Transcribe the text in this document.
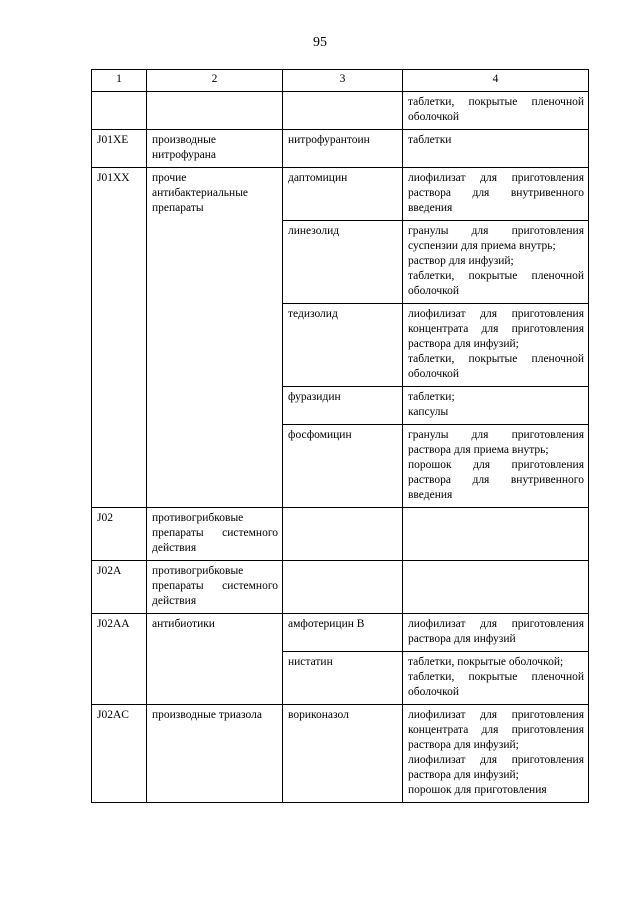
95
1	2	3	4

			таблетки, покрытые пленочной оболочкой

J01XE	производные нитрофурана	нитрофурантоин	таблетки

J01XX	прочие антибактериальные препараты	даптомицин	лиофилизат для приготовления раствора для внутривенного введения

		линезолид	гранулы для приготовления суспензии для приема внутрь;
раствор для инфузий;
таблетки, покрытые пленочной оболочкой

		тедизолид	лиофилизат для приготовления концентрата для приготовления раствора для инфузий;
таблетки, покрытые пленочной оболочкой

		фуразидин	таблетки;
капсулы

		фосфомицин	гранулы для приготовления раствора для приема внутрь;
порошок для приготовления раствора для внутривенного введения

J02	противогрибковые препараты системного действия		

J02A	противогрибковые препараты системного действия		

J02AA	антибиотики	амфотерицин В	лиофилизат для приготовления раствора для инфузий

		нистатин	таблетки, покрытые оболочкой;
таблетки, покрытые пленочной оболочкой

J02AC	производные триазола	вориконазол	лиофилизат для приготовления концентрата для приготовления раствора для инфузий;
лиофилизат для приготовления раствора для инфузий;
порошок для приготовления
